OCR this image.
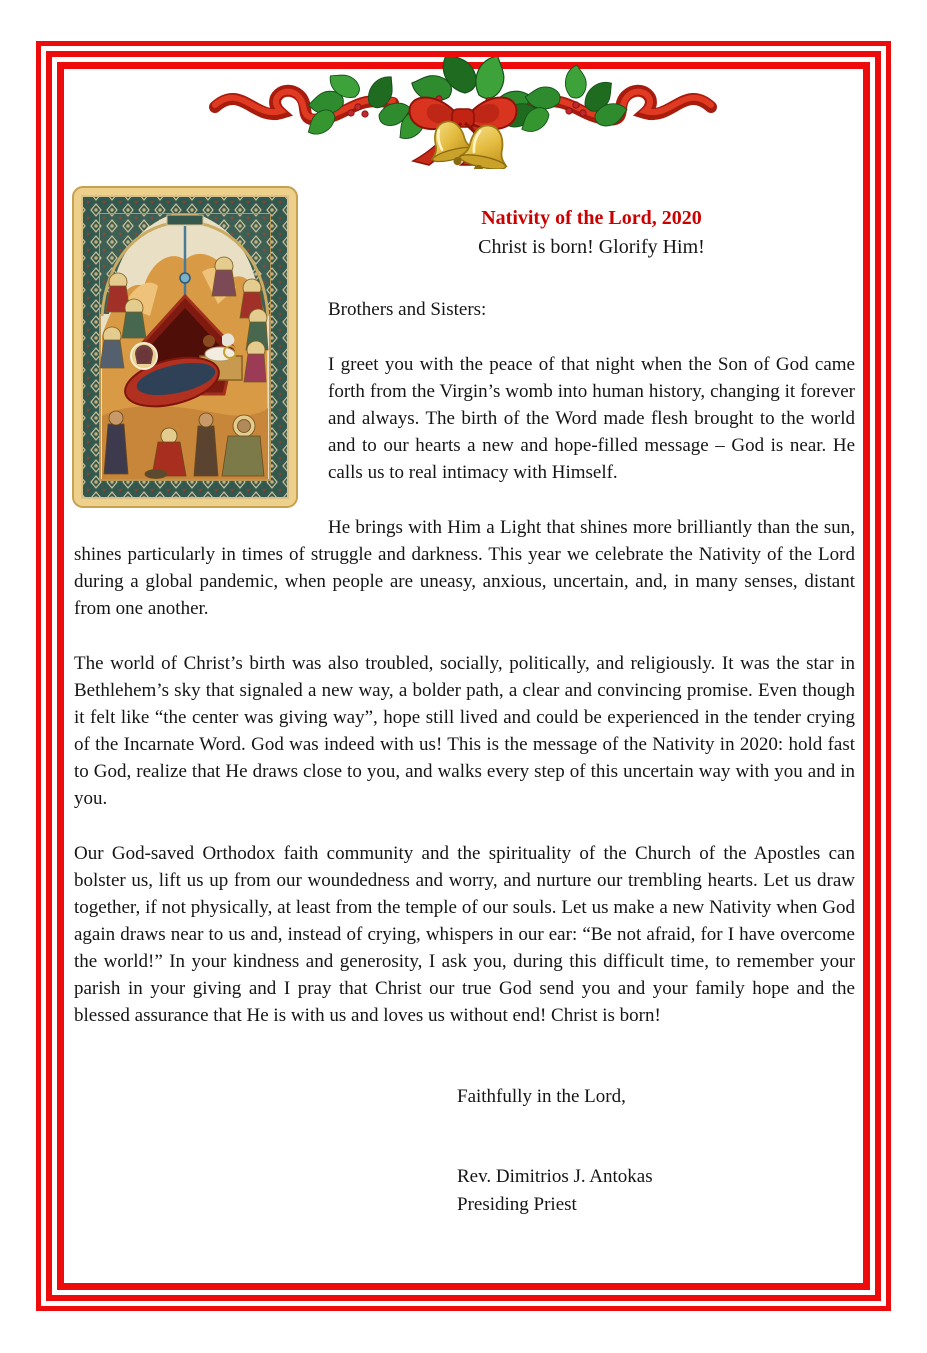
Nativity of the Lord, 2020

Christ is born! Glorify Him!

Brothers and Sisters:

I greet you with the peace of that night when the Son of God came forth from the Virgin’s womb into human history, changing it forever and always. The birth of the Word made flesh brought to the world and to our hearts a new and hope-filled message – God is near. He calls us to real intimacy with Himself.

He brings with Him a Light that shines more brilliantly than the sun, shines particularly in times of struggle and darkness. This year we celebrate the Nativity of the Lord during a global pandemic, when people are uneasy, anxious, uncertain, and, in many senses, distant from one another.

The world of Christ’s birth was also troubled, socially, politically, and religiously. It was the star in Bethlehem’s sky that signaled a new way, a bolder path, a clear and convincing promise. Even though it felt like “the center was giving way”, hope still lived and could be experienced in the tender crying of the Incarnate Word. God was indeed with us! This is the message of the Nativity in 2020: hold fast to God, realize that He draws close to you, and walks every step of this uncertain way with you and in you.

Our God-saved Orthodox faith community and the spirituality of the Church of the Apostles can bolster us, lift us up from our woundedness and worry, and nurture our trembling hearts. Let us draw together, if not physically, at least from the temple of our souls. Let us make a new Nativity when God again draws near to us and, instead of crying, whispers in our ear: “Be not afraid, for I have overcome the world!” In your kindness and generosity, I ask you, during this difficult time, to remember your parish in your giving and I pray that Christ our true God send you and your family hope and the blessed assurance that He is with us and loves us without end! Christ is born!

Faithfully in the Lord,

Rev. Dimitrios J. Antokas
Presiding Priest
